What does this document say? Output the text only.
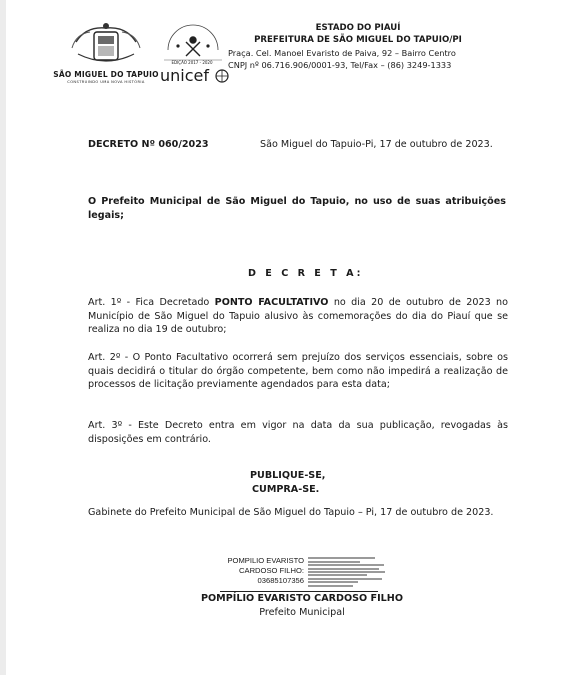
SÃO MIGUEL DO TAPUIO
CONSTRUINDO UMA NOVA HISTÓRIA
EDIÇÃO 2017 - 2020
unicef
ESTADO DO PIAUÍ
PREFEITURA DE SÃO MIGUEL DO TAPUIO/PI
Praça. Cel. Manoel Evaristo de Paiva, 92 – Bairro Centro
CNPJ nº 06.716.906/0001-93, Tel/Fax – (86) 3249-1333
DECRETO Nº 060/2023	São Miguel do Tapuio-Pi, 17 de outubro de 2023.

O Prefeito Municipal de São Miguel do Tapuio, no uso de suas atribuições legais;

D E C R E T A:

Art. 1º - Fica Decretado PONTO FACULTATIVO no dia 20 de outubro de 2023 no Município de São Miguel do Tapuio alusivo às comemorações do dia do Piauí que se realiza no dia 19 de outubro;

Art. 2º - O Ponto Facultativo ocorrerá sem prejuízo dos serviços essenciais, sobre os quais decidirá o titular do órgão competente, bem como não impedirá a realização de processos de licitação previamente agendados para esta data;

Art. 3º - Este Decreto entra em vigor na data da sua publicação, revogadas às disposições em contrário.

PUBLIQUE-SE,
CUMPRA-SE.

Gabinete do Prefeito Municipal de São Miguel do Tapuio – Pi, 17 de outubro de 2023.

POMPILIO EVARISTO
CARDOSO FILHO:
03685107356
POMPÍLIO EVARISTO CARDOSO FILHO
Prefeito Municipal
